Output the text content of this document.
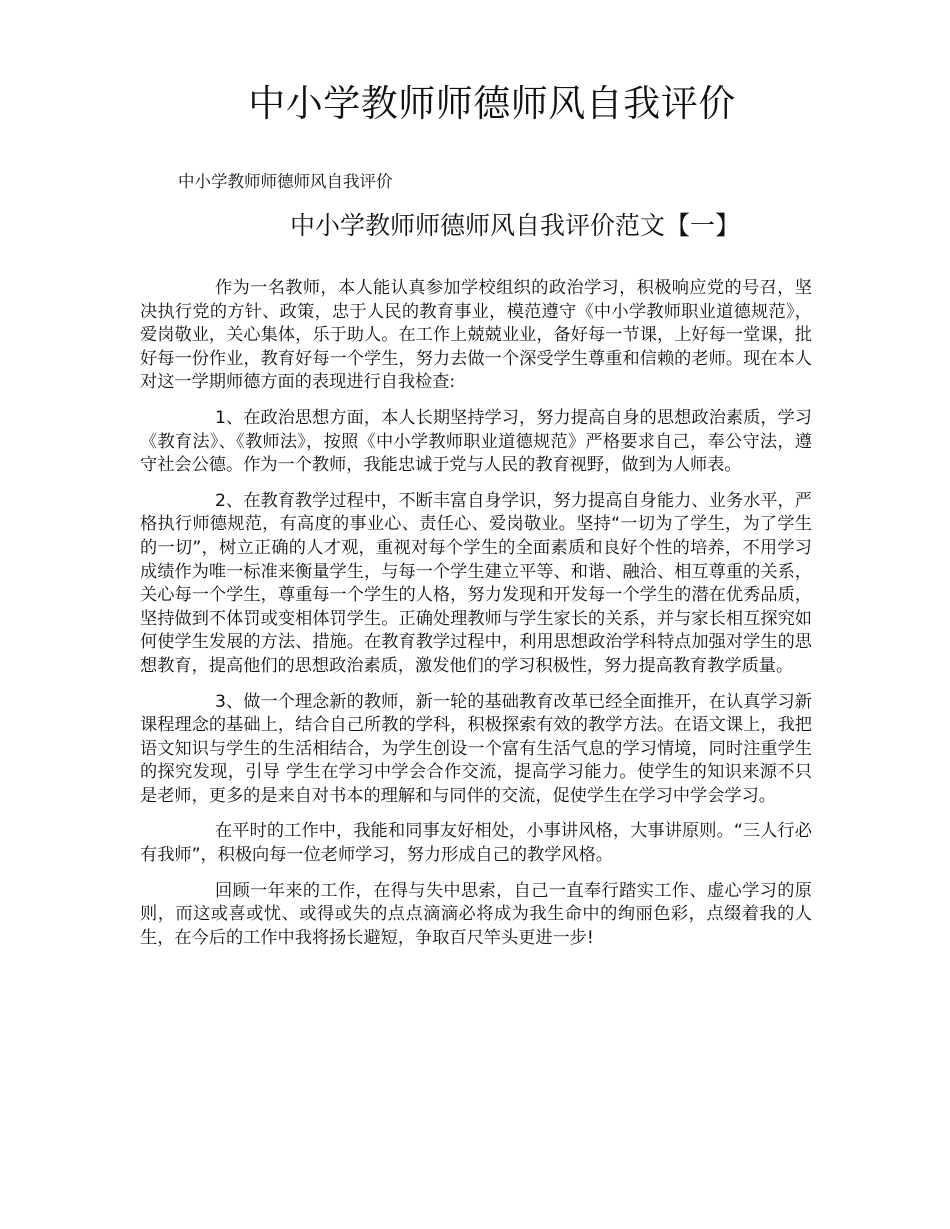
中小学教师师德师风自我评价

中小学教师师德师风自我评价

中小学教师师德师风自我评价范文【一】

作为一名教师，本人能认真参加学校组织的政治学习，积极响应党的号召，坚决执行党的方针、政策，忠于人民的教育事业，模范遵守《中小学教师职业道德规范》，爱岗敬业，关心集体，乐于助人。在工作上兢兢业业，备好每一节课，上好每一堂课，批好每一份作业，教育好每一个学生，努力去做一个深受学生尊重和信赖的老师。现在本人对这一学期师德方面的表现进行自我检查:

1、在政治思想方面，本人长期坚持学习，努力提高自身的思想政治素质，学习《教育法》、《教师法》，按照《中小学教师职业道德规范》严格要求自己，奉公守法，遵守社会公德。作为一个教师，我能忠诚于党与人民的教育视野，做到为人师表。

2、在教育教学过程中，不断丰富自身学识，努力提高自身能力、业务水平，严格执行师德规范，有高度的事业心、责任心、爱岗敬业。坚持“一切为了学生，为了学生的一切”，树立正确的人才观，重视对每个学生的全面素质和良好个性的培养，不用学习成绩作为唯一标准来衡量学生，与每一个学生建立平等、和谐、融洽、相互尊重的关系，关心每一个学生，尊重每一个学生的人格，努力发现和开发每一个学生的潜在优秀品质，坚持做到不体罚或变相体罚学生。正确处理教师与学生家长的关系，并与家长相互探究如何使学生发展的方法、措施。在教育教学过程中，利用思想政治学科特点加强对学生的思想教育，提高他们的思想政治素质，激发他们的学习积极性，努力提高教育教学质量。

3、做一个理念新的教师，新一轮的基础教育改革已经全面推开，在认真学习新课程理念的基础上，结合自己所教的学科，积极探索有效的教学方法。在语文课上，我把语文知识与学生的生活相结合，为学生创设一个富有生活气息的学习情境，同时注重学生的探究发现，引导 学生在学习中学会合作交流，提高学习能力。使学生的知识来源不只是老师，更多的是来自对书本的理解和与同伴的交流，促使学生在学习中学会学习。

在平时的工作中，我能和同事友好相处，小事讲风格，大事讲原则。“三人行必有我师”，积极向每一位老师学习，努力形成自己的教学风格。

回顾一年来的工作，在得与失中思索，自己一直奉行踏实工作、虚心学习的原则，而这或喜或忧、或得或失的点点滴滴必将成为我生命中的绚丽色彩，点缀着我的人生，在今后的工作中我将扬长避短，争取百尺竿头更进一步!
